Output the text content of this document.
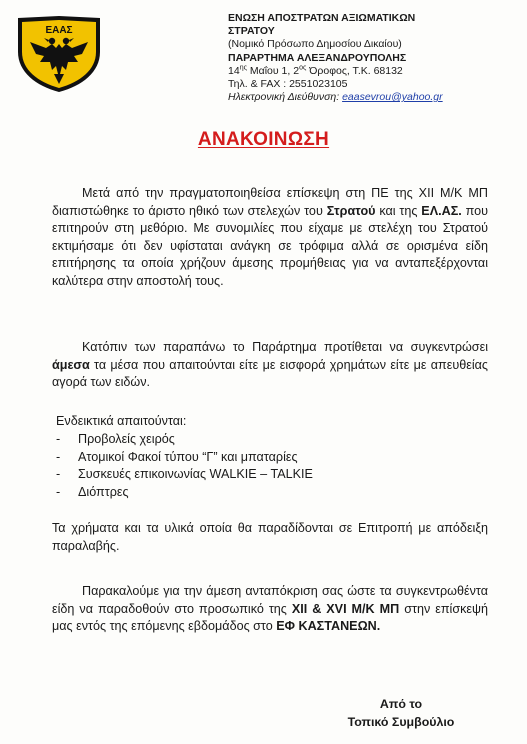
ΕΑΑΣ
ΕΝΩΣΗ ΑΠΟΣΤΡΑΤΩΝ ΑΞΙΩΜΑΤΙΚΩΝ
ΣΤΡΑΤΟΥ
(Νομικό Πρόσωπο Δημοσίου Δικαίου)
ΠΑΡΑΡΤΗΜΑ ΑΛΕΞΑΝΔΡΟΥΠΟΛΗΣ
$14^{\eta\varsigma}$ Μαΐου 1, $2^{o\varsigma}$ Όροφος, Τ.Κ. 68132
Τηλ. & FAX : 2551023105
Ηλεκτρονική Διεύθυνση: eaasevrou@yahoo.gr
ΑΝΑΚΟΙΝΩΣΗ
Μετά από την πραγματοποιηθείσα επίσκεψη στη ΠΕ της XII Μ/Κ ΜΠ διαπιστώθηκε το άριστο ηθικό των στελεχών του Στρατού και της ΕΛ.ΑΣ. που επιτηρούν στη μεθόριο. Με συνομιλίες που είχαμε με στελέχη του Στρατού εκτιμήσαμε ότι δεν υφίσταται ανάγκη σε τρόφιμα αλλά σε ορισμένα είδη επιτήρησης τα οποία χρήζουν άμεσης προμήθειας για να ανταπεξέρχονται καλύτερα στην αποστολή τους.
Κατόπιν των παραπάνω το Παράρτημα προτίθεται να συγκεντρώσει άμεσα τα μέσα που απαιτούνται είτε με εισφορά χρημάτων είτε με απευθείας αγορά των ειδών.
Ενδεικτικά απαιτούνται:
-	Προβολείς χειρός
-	Ατομικοί Φακοί τύπου “Γ” και μπαταρίες
-	Συσκευές επικοινωνίας WALKIE – TALKIE
-	Διόπτρες
Τα χρήματα και τα υλικά οποία θα παραδίδονται σε Επιτροπή με απόδειξη παραλαβής.
Παρακαλούμε για την άμεση ανταπόκριση σας ώστε τα συγκεντρωθέντα είδη να παραδοθούν στο προσωπικό της XII & XVI Μ/Κ ΜΠ στην επίσκεψή μας εντός της επόμενης εβδομάδος στο ΕΦ ΚΑΣΤΑΝΕΩΝ.
Από το
Τοπικό Συμβούλιο
